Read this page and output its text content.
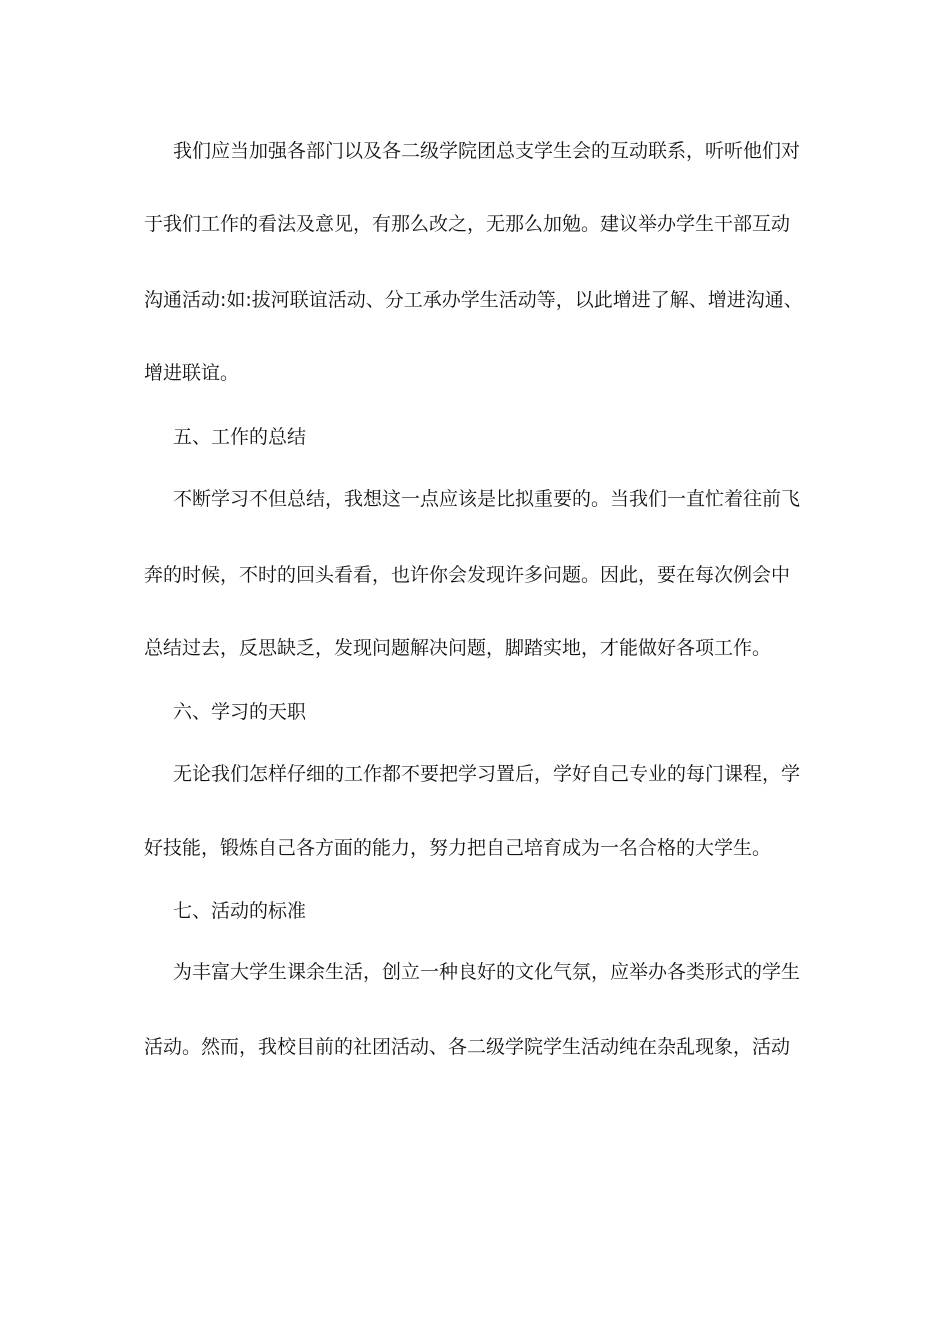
我们应当加强各部门以及各二级学院团总支学生会的互动联系，听听他们对
于我们工作的看法及意见，有那么改之，无那么加勉。建议举办学生干部互动
沟通活动:如:拔河联谊活动、分工承办学生活动等，以此增进了解、增进沟通、
增进联谊。
五、工作的总结
不断学习不但总结，我想这一点应该是比拟重要的。当我们一直忙着往前飞
奔的时候，不时的回头看看，也许你会发现许多问题。因此，要在每次例会中
总结过去，反思缺乏，发现问题解决问题，脚踏实地，才能做好各项工作。
六、学习的天职
无论我们怎样仔细的工作都不要把学习置后，学好自己专业的每门课程，学
好技能，锻炼自己各方面的能力，努力把自己培育成为一名合格的大学生。
七、活动的标准
为丰富大学生课余生活，创立一种良好的文化气氛，应举办各类形式的学生
活动。然而，我校目前的社团活动、各二级学院学生活动纯在杂乱现象，活动
